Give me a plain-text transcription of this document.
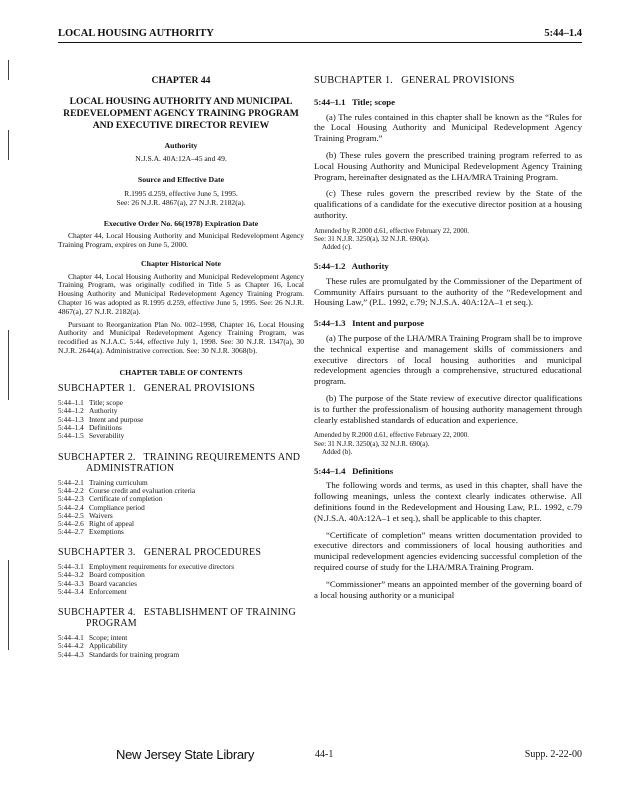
LOCAL HOUSING AUTHORITY	5:44–1.4
CHAPTER 44
LOCAL HOUSING AUTHORITY AND MUNICIPAL REDEVELOPMENT AGENCY TRAINING PROGRAM AND EXECUTIVE DIRECTOR REVIEW
Authority
N.J.S.A. 40A:12A–45 and 49.
Source and Effective Date
R.1995 d.259, effective June 5, 1995.
See: 26 N.J.R. 4867(a), 27 N.J.R. 2182(a).
Executive Order No. 66(1978) Expiration Date

Chapter 44, Local Housing Authority and Municipal Redevelopment Agency Training Program, expires on June 5, 2000.

Chapter Historical Note

Chapter 44, Local Housing Authority and Municipal Redevelopment Agency Training Program, was originally codified in Title 5 as Chapter 16, Local Housing Authority and Municipal Redevelopment Agency Training Program. Chapter 16 was adopted as R.1995 d.259, effective June 5, 1995. See: 26 N.J.R. 4867(a), 27 N.J.R. 2182(a).

Pursuant to Reorganization Plan No. 002–1998, Chapter 16, Local Housing Authority and Municipal Redevelopment Agency Training Program, was recodified as N.J.A.C. 5:44, effective July 1, 1998. See: 30 N.J.R. 1347(a), 30 N.J.R. 2644(a). Administrative correction. See: 30 N.J.R. 3068(b).

CHAPTER TABLE OF CONTENTS
SUBCHAPTER 1.   GENERAL PROVISIONS
5:44–1.1	Title; scope
5:44–1.2	Authority
5:44–1.3	Intent and purpose
5:44–1.4	Definitions
5:44–1.5	Severability
SUBCHAPTER 2.   TRAINING REQUIREMENTS AND
ADMINISTRATION
5:44–2.1	Training curriculum
5:44–2.2	Course credit and evaluation criteria
5:44–2.3	Certificate of completion
5:44–2.4	Compliance period
5:44–2.5	Waivers
5:44–2.6	Right of appeal
5:44–2.7	Exemptions
SUBCHAPTER 3.   GENERAL PROCEDURES
5:44–3.1	Employment requirements for executive directors
5:44–3.2	Board composition
5:44–3.3	Board vacancies
5:44–3.4	Enforcement
SUBCHAPTER 4.   ESTABLISHMENT OF TRAINING
PROGRAM
5:44–4.1	Scope; intent
5:44–4.2	Applicability
5:44–4.3	Standards for training program
SUBCHAPTER 1.   GENERAL PROVISIONS
5:44–1.1   Title; scope

(a) The rules contained in this chapter shall be known as the “Rules for the Local Housing Authority and Municipal Redevelopment Agency Training Program.”

(b) These rules govern the prescribed training program referred to as Local Housing Authority and Municipal Redevelopment Agency Training Program, hereinafter designated as the LHA/MRA Training Program.

(c) These rules govern the prescribed review by the State of the qualifications of a candidate for the executive director position at a housing authority.

Amended by R.2000 d.61, effective February 22, 2000.
See: 31 N.J.R. 3250(a), 32 N.J.R. 690(a).
Added (c).
5:44–1.2   Authority

These rules are promulgated by the Commissioner of the Department of Community Affairs pursuant to the authority of the “Redevelopment and Housing Law,” (P.L. 1992, c.79; N.J.S.A. 40A:12A–1 et seq.).

5:44–1.3   Intent and purpose

(a) The purpose of the LHA/MRA Training Program shall be to improve the technical expertise and management skills of commissioners and executive directors of local housing authorities and municipal redevelopment agencies through a comprehensive, structured educational program.

(b) The purpose of the State review of executive director qualifications is to further the professionalism of housing authority management through clearly established standards of education and experience.

Amended by R.2000 d.61, effective February 22, 2000.
See: 31 N.J.R. 3250(a), 32 N.J.R. 690(a).
Added (b).
5:44–1.4   Definitions

The following words and terms, as used in this chapter, shall have the following meanings, unless the context clearly indicates otherwise. All definitions found in the Redevelopment and Housing Law, P.L. 1992, c.79 (N.J.S.A. 40A:12A–1 et seq.), shall be applicable to this chapter.

“Certificate of completion” means written documentation provided to executive directors and commissioners of local housing authorities and municipal redevelopment agencies evidencing successful completion of the required course of study for the LHA/MRA Training Program.

“Commissioner” means an appointed member of the governing board of a local housing authority or a municipal

New Jersey State Library	44-1	Supp. 2-22-00
